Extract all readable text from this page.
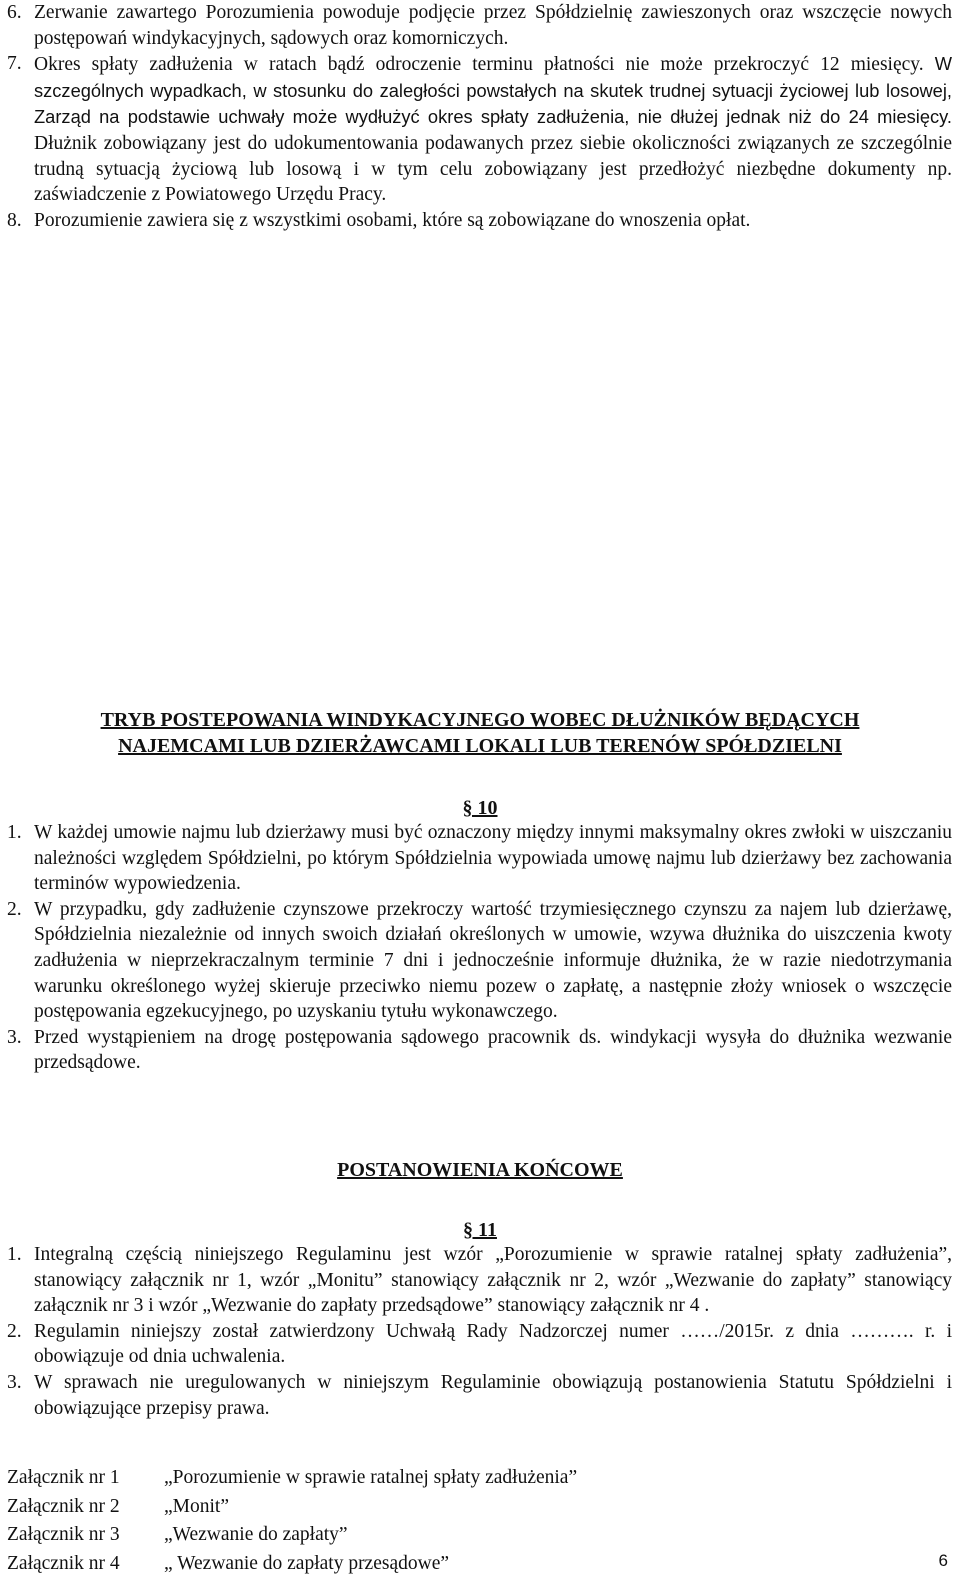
6. Zerwanie zawartego Porozumienia powoduje podjęcie przez Spółdzielnię zawieszonych oraz wszczęcie nowych postępowań windykacyjnych, sądowych oraz komorniczych.
7. Okres spłaty zadłużenia w ratach bądź odroczenie terminu płatności nie może przekroczyć 12 miesięcy. W szczególnych wypadkach, w stosunku do zaległości powstałych na skutek trudnej sytuacji życiowej lub losowej, Zarząd na podstawie uchwały może wydłużyć okres spłaty zadłużenia, nie dłużej jednak niż do 24 miesięcy. Dłużnik zobowiązany jest do udokumentowania podawanych przez siebie okoliczności związanych ze szczególnie trudną sytuacją życiową lub losową i w tym celu zobowiązany jest przedłożyć niezbędne dokumenty np. zaświadczenie z Powiatowego Urzędu Pracy.
8. Porozumienie zawiera się z wszystkimi osobami, które są zobowiązane do wnoszenia opłat.
TRYB POSTEPOWANIA WINDYKACYJNEGO WOBEC DŁUŻNIKÓW BĘDĄCYCH NAJEMCAMI LUB DZIERŻAWCAMI LOKALI LUB TERENÓW SPÓŁDZIELNI
§ 10
1. W każdej umowie najmu lub dzierżawy musi być oznaczony między innymi maksymalny okres zwłoki w uiszczaniu należności względem Spółdzielni, po którym Spółdzielnia wypowiada umowę najmu lub dzierżawy bez zachowania terminów wypowiedzenia.
2. W przypadku, gdy zadłużenie czynszowe przekroczy wartość trzymiesięcznego czynszu za najem lub dzierżawę, Spółdzielnia niezależnie od innych swoich działań określonych w umowie, wzywa dłużnika do uiszczenia kwoty zadłużenia w nieprzekraczalnym terminie 7 dni i jednocześnie informuje dłużnika, że w razie niedotrzymania warunku określonego wyżej skieruje przeciwko niemu pozew o zapłatę, a następnie złoży wniosek o wszczęcie postępowania egzekucyjnego, po uzyskaniu tytułu wykonawczego.
3. Przed wystąpieniem na drogę postępowania sądowego pracownik ds. windykacji wysyła do dłużnika wezwanie przedsądowe.
POSTANOWIENIA KOŃCOWE
§ 11
1. Integralną częścią niniejszego Regulaminu jest wzór „Porozumienie w sprawie ratalnej spłaty zadłużenia”, stanowiący załącznik nr 1, wzór „Monitu” stanowiący załącznik nr 2, wzór „Wezwanie do zapłaty” stanowiący załącznik nr 3 i wzór „Wezwanie do zapłaty przedsądowe” stanowiący załącznik nr 4 .
2. Regulamin niniejszy został zatwierdzony Uchwałą Rady Nadzorczej numer ……/2015r. z dnia ………. r. i obowiązuje od dnia uchwalenia.
3. W sprawach nie uregulowanych w niniejszym Regulaminie obowiązują postanowienia Statutu Spółdzielni i obowiązujące przepisy prawa.
Załącznik nr 1	„Porozumienie w sprawie ratalnej spłaty zadłużenia”
Załącznik nr 2	„Monit”
Załącznik nr 3	„Wezwanie do zapłaty”
Załącznik nr 4	„ Wezwanie do zapłaty przesądowe”	6
